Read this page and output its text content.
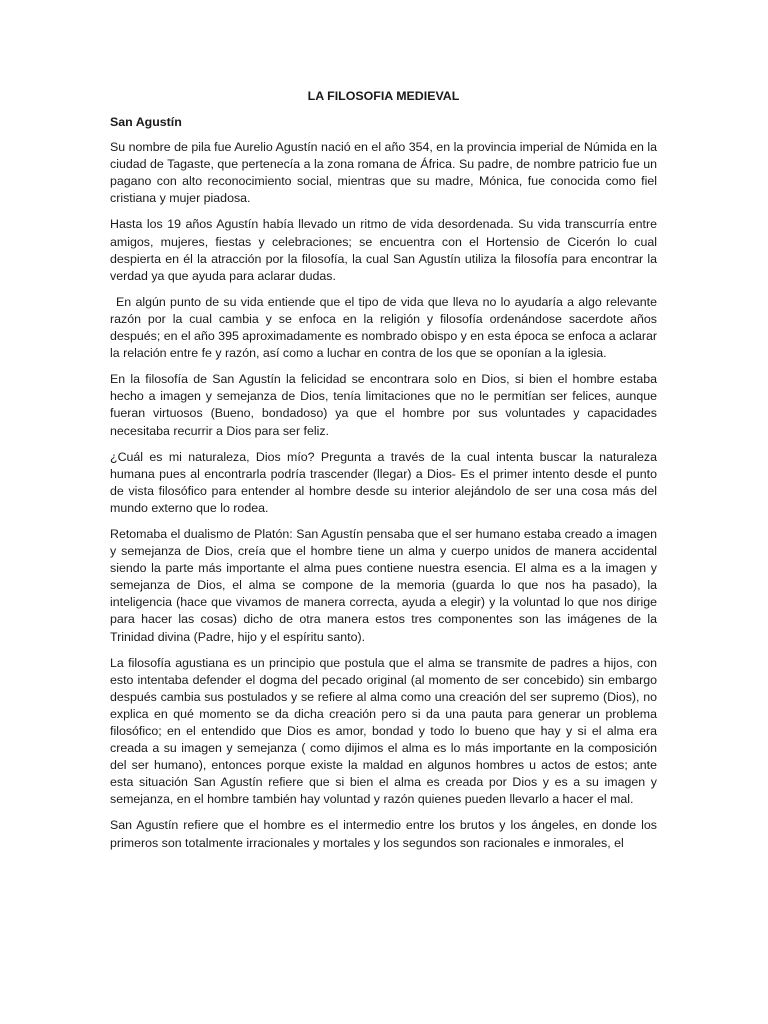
LA FILOSOFIA MEDIEVAL
San Agustín

Su nombre de pila fue Aurelio Agustín nació en el año 354, en la provincia imperial de Númida en la ciudad de Tagaste, que pertenecía a la zona romana de África. Su padre, de nombre patricio fue un pagano con alto reconocimiento social, mientras que su madre, Mónica, fue conocida como fiel cristiana y mujer piadosa.

Hasta los 19 años Agustín había llevado un ritmo de vida desordenada. Su vida transcurría entre amigos, mujeres, fiestas y celebraciones; se encuentra con el Hortensio de Cicerón lo cual despierta en él la atracción por la filosofía, la cual San Agustín utiliza la filosofía para encontrar la verdad ya que ayuda para aclarar dudas.

En algún punto de su vida entiende que el tipo de vida que lleva no lo ayudaría a algo relevante razón por la cual cambia y se enfoca en la religión y filosofía ordenándose sacerdote años después; en el año 395 aproximadamente es nombrado obispo y en esta época se enfoca a aclarar la relación entre fe y razón, así como a luchar en contra de los que se oponían a la iglesia.

En la filosofía de San Agustín la felicidad se encontrara solo en Dios, si bien el hombre estaba hecho a imagen y semejanza de Dios, tenía limitaciones que no le permitían ser felices, aunque fueran virtuosos (Bueno, bondadoso) ya que el hombre por sus voluntades y capacidades necesitaba recurrir a Dios para ser feliz.

¿Cuál es mi naturaleza, Dios mío? Pregunta a través de la cual intenta buscar la naturaleza humana pues al encontrarla podría trascender (llegar) a Dios- Es el primer intento desde el punto de vista filosófico para entender al hombre desde su interior alejándolo de ser una cosa más del mundo externo que lo rodea.

Retomaba el dualismo de Platón: San Agustín pensaba que el ser humano estaba creado a imagen y semejanza de Dios, creía que el hombre tiene un alma y cuerpo unidos de manera accidental siendo la parte más importante el alma pues contiene nuestra esencia. El alma es a la imagen y semejanza de Dios, el alma se compone de la memoria (guarda lo que nos ha pasado), la inteligencia (hace que vivamos de manera correcta, ayuda a elegir) y la voluntad lo que nos dirige para hacer las cosas) dicho de otra manera estos tres componentes son las imágenes de la Trinidad divina (Padre, hijo y el espíritu santo).

La filosofía agustiana es un principio que postula que el alma se transmite de padres a hijos, con esto intentaba defender el dogma del pecado original (al momento de ser concebido) sin embargo después cambia sus postulados y se refiere al alma como una creación del ser supremo (Dios), no explica en qué momento se da dicha creación pero si da una pauta para generar un problema filosófico; en el entendido que Dios es amor, bondad y todo lo bueno que hay y si el alma era creada a su imagen y semejanza ( como dijimos el alma es lo más importante en la composición del ser humano), entonces porque existe la maldad en algunos hombres u actos de estos; ante esta situación San Agustín refiere que si bien el alma es creada por Dios y es a su imagen y semejanza, en el hombre también hay voluntad y razón quienes pueden llevarlo a hacer el mal.

San Agustín refiere que el hombre es el intermedio entre los brutos y los ángeles, en donde los primeros son totalmente irracionales y mortales y los segundos son racionales e inmorales, el
